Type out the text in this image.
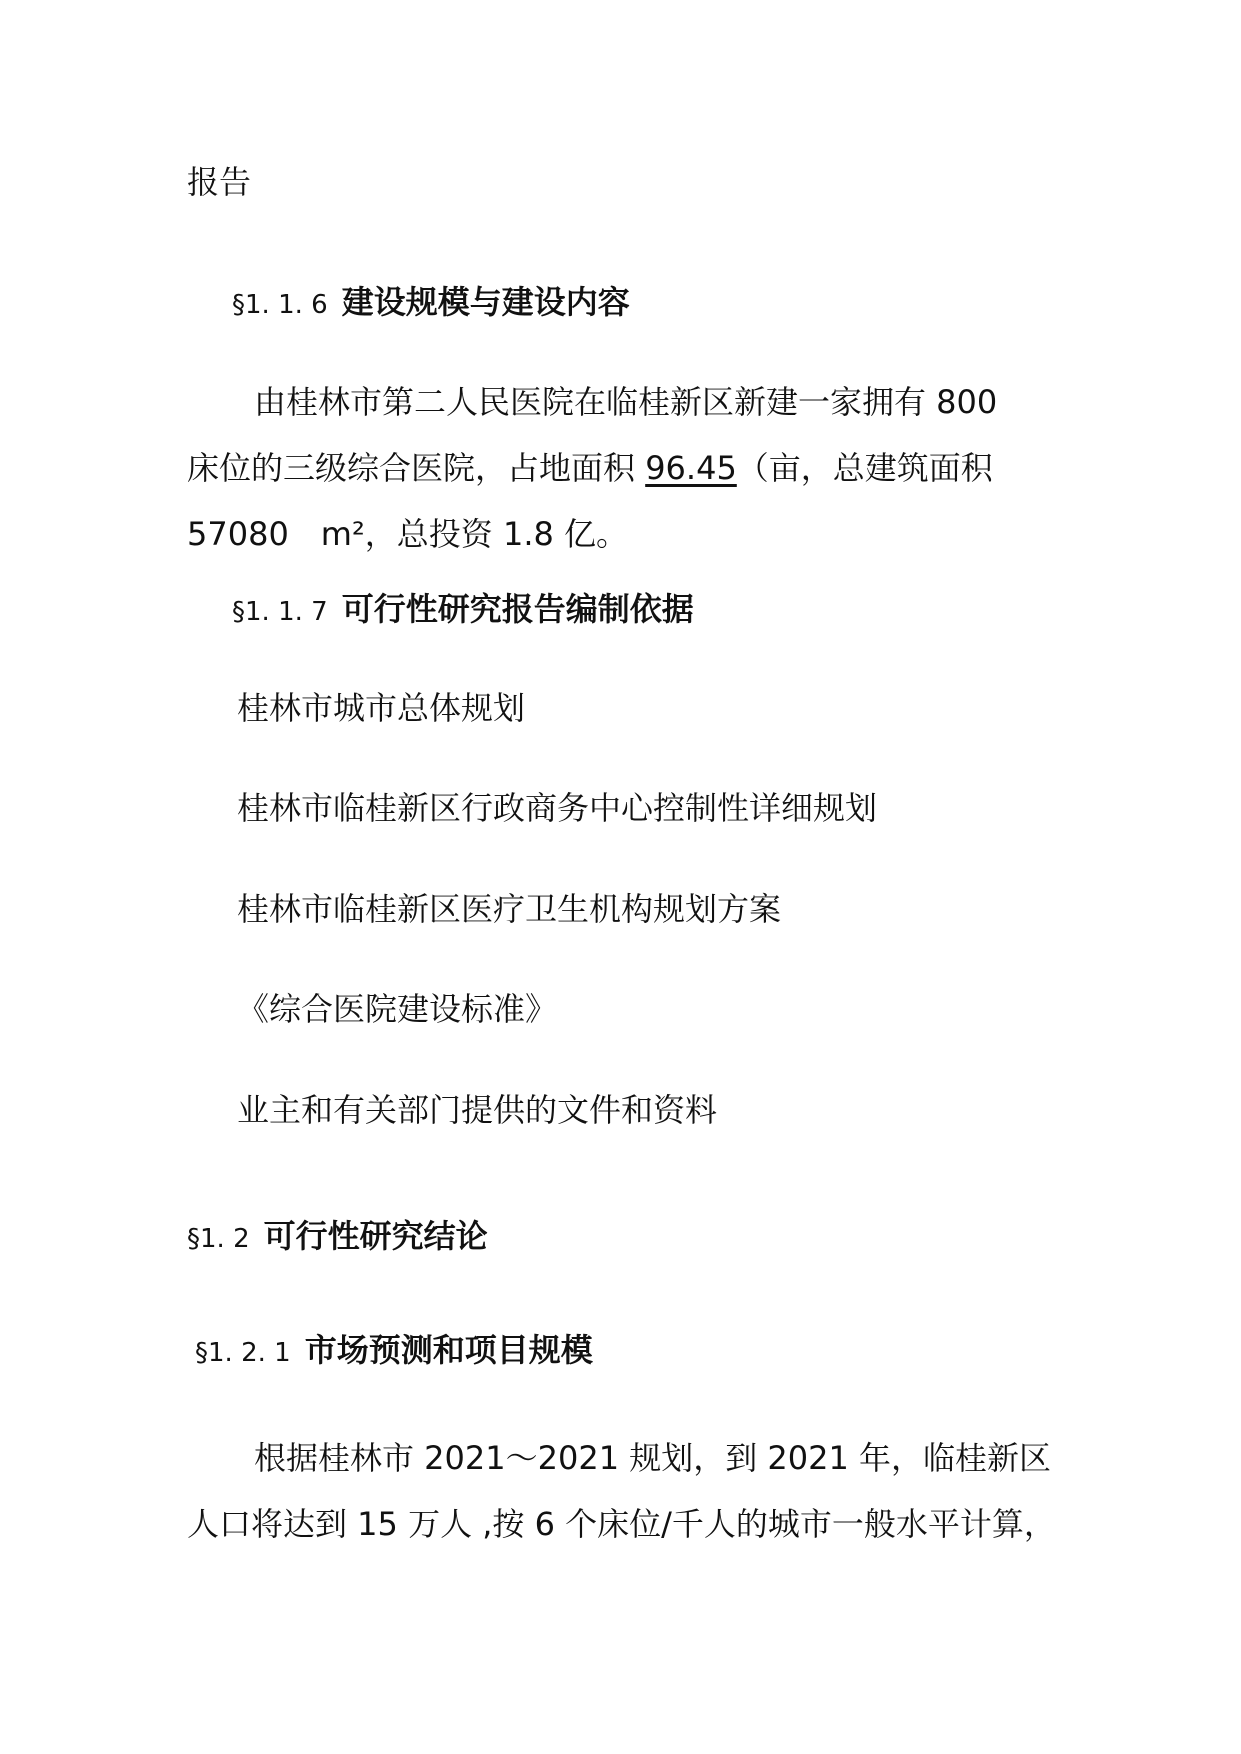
报告
§1. 1. 6 建设规模与建设内容
由桂林市第二人民医院在临桂新区新建一家拥有 800
床位的三级综合医院，占地面积 96.45（亩，总建筑面积
57080　m²，总投资 1.8 亿。
§1. 1. 7 可行性研究报告编制依据
桂林市城市总体规划
桂林市临桂新区行政商务中心控制性详细规划
桂林市临桂新区医疗卫生机构规划方案
《综合医院建设标准》
业主和有关部门提供的文件和资料
§1. 2 可行性研究结论
§1. 2. 1 市场预测和项目规模
根据桂林市 2021～2021 规划，到 2021 年，临桂新区
人口将达到 15 万人 ,按 6 个床位/千人的城市一般水平计算，
